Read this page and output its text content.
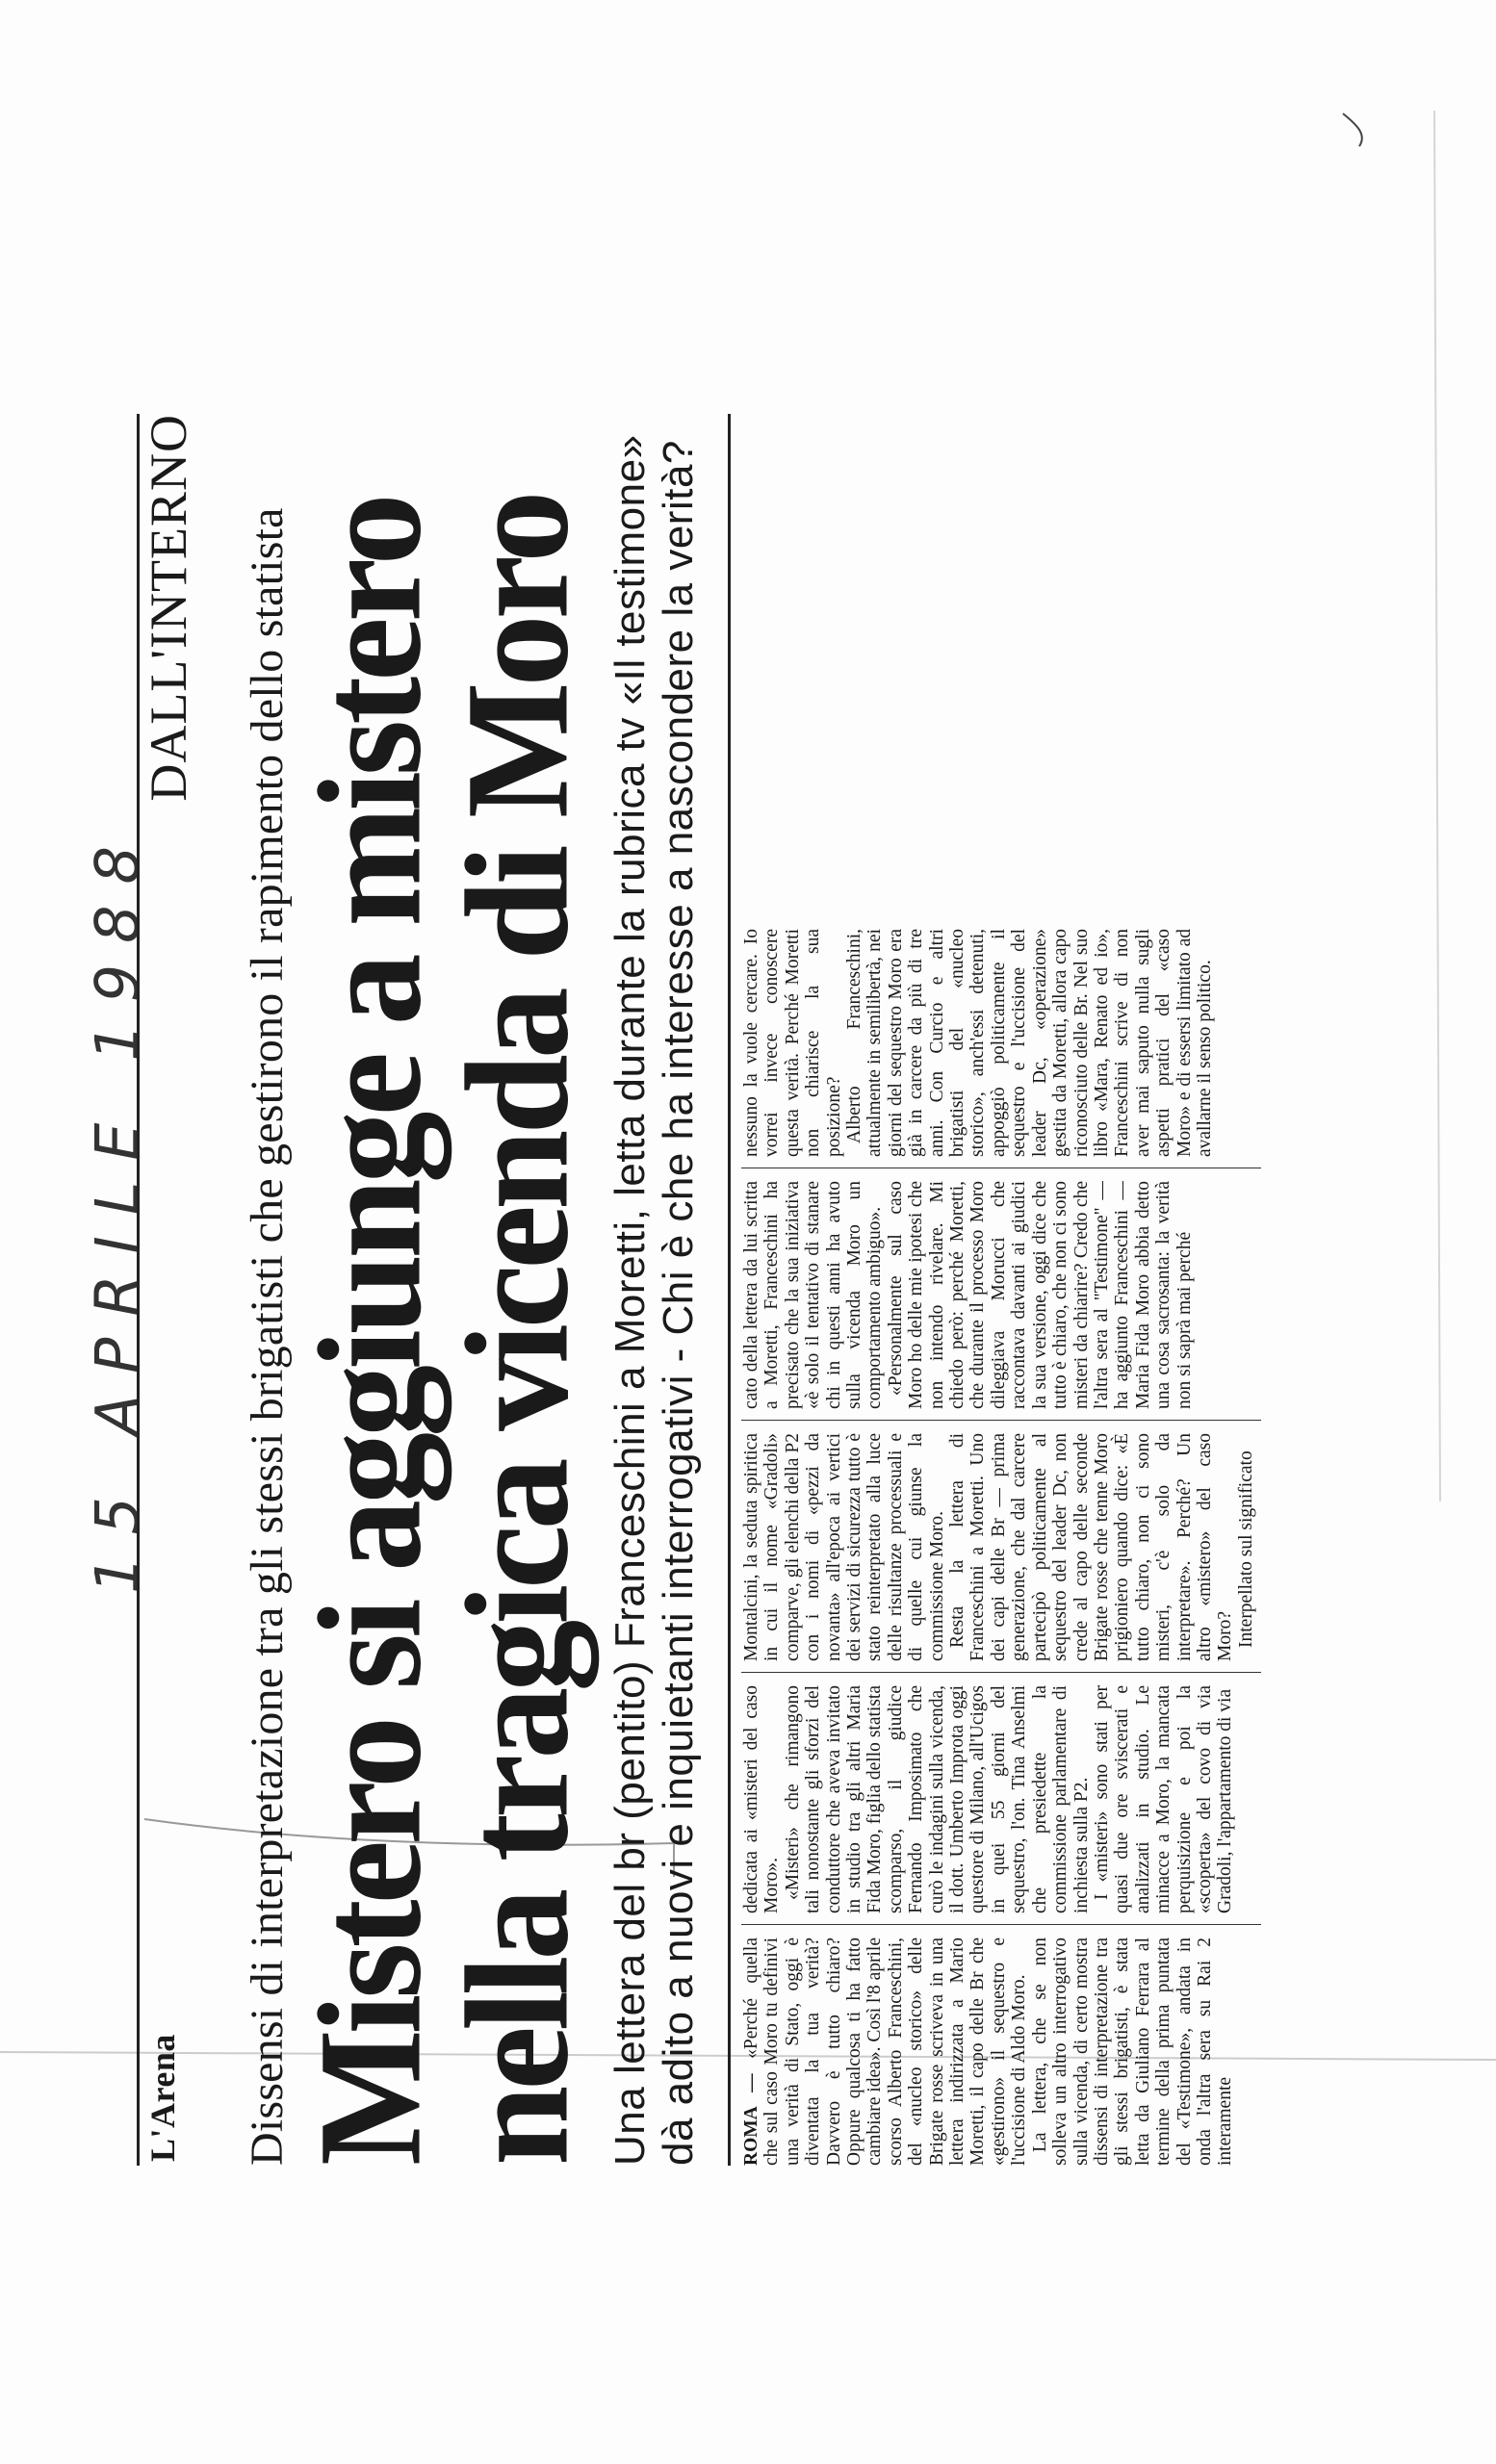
15 APRILE 1988
L'Arena
DALL'INTERNO Dissensi di interpretazione tra gli stessi brigatisti che gestirono il rapimento dello statista
Mistero si aggiunge a mistero
nella tragica vicenda di Moro Una lettera del br (pentito) Franceschini a Moretti, letta durante la rubrica tv «Il testimone» dà adito a nuovi e inquietanti interrogativi - Chi è che ha interesse a nascondere la verità? ROMA — «Perché quella che sul caso Moro tu definivi una verità di Stato, oggi è diventata la tua verità? Davvero è tutto chiaro? Oppure qualcosa ti ha fatto cambiare idea». Così l'8 aprile scorso Alberto Franceschini, del «nucleo storico» delle Brigate rosse scriveva in una lettera indirizzata a Mario Moretti, il capo delle Br che «gestirono» il sequestro e l'uccisione di Aldo Moro. La lettera, che se non solleva un altro interrogativo sulla vicenda, di certo mostra dissensi di interpretazione tra gli stessi brigatisti, è stata letta da Giuliano Ferrara al termine della prima puntata del «Testimone», andata in onda l'altra sera su Rai 2 interamente

dedicata ai «misteri del caso Moro». «Misteri» che rimangono tali nonostante gli sforzi del conduttore che aveva invitato in studio tra gli altri Maria Fida Moro, figlia dello statista scomparso, il giudice Fernando Imposimato che curò le indagini sulla vicenda, il dott. Umberto Improta oggi questore di Milano, all'Ucigos in quei 55 giorni del sequestro, l'on. Tina Anselmi che presiedette la commissione parlamentare di inchiesta sulla P2. I «misteri» sono stati per quasi due ore sviscerati e analizzati in studio. Le minacce a Moro, la mancata perquisizione e poi la «scoperta» del covo di via Gradoli, l'appartamento di via

Montalcini, la seduta spiritica in cui il nome «Gradoli» comparve, gli elenchi della P2 con i nomi di «pezzi da novanta» all'epoca ai vertici dei servizi di sicurezza tutto è stato reinterpretato alla luce delle risultanze processuali e di quelle cui giunse la commissione Moro. Resta la lettera di Franceschini a Moretti. Uno dei capi delle Br — prima generazione, che dal carcere partecipò politicamente al sequestro del leader Dc, non crede al capo delle seconde Brigate rosse che tenne Moro prigioniero quando dice: «È tutto chiaro, non ci sono misteri, c'è solo da interpretare». Perché? Un altro «mistero» del caso Moro? Interpellato sul significato

cato della lettera da lui scritta a Moretti, Franceschini ha precisato che la sua iniziativa «è solo il tentativo di stanare chi in questi anni ha avuto sulla vicenda Moro un comportamento ambiguo». «Personalmente sul caso Moro ho delle mie ipotesi che non intendo rivelare. Mi chiedo però: perché Moretti, che durante il processo Moro dileggiava Morucci che raccontava davanti ai giudici la sua versione, oggi dice che tutto è chiaro, che non ci sono misteri da chiarire? Credo che l'altra sera al "Testimone" — ha aggiunto Franceschini — Maria Fida Moro abbia detto una cosa sacrosanta: la verità non si saprà mai perché

nessuno la vuole cercare. Io vorrei invece conoscere questa verità. Perché Moretti non chiarisce la sua posizione? Alberto Franceschini, attualmente in semilibertà, nei giorni del sequestro Moro era già in carcere da più di tre anni. Con Curcio e altri brigatisti del «nucleo storico», anch'essi detenuti, appoggiò politicamente il sequestro e l'uccisione del leader Dc, «operazione» gestita da Moretti, allora capo riconosciuto delle Br. Nel suo libro «Mara, Renato ed io», Franceschini scrive di non aver mai saputo nulla sugli aspetti pratici del «caso Moro» e di essersi limitato ad avallarne il senso politico.
